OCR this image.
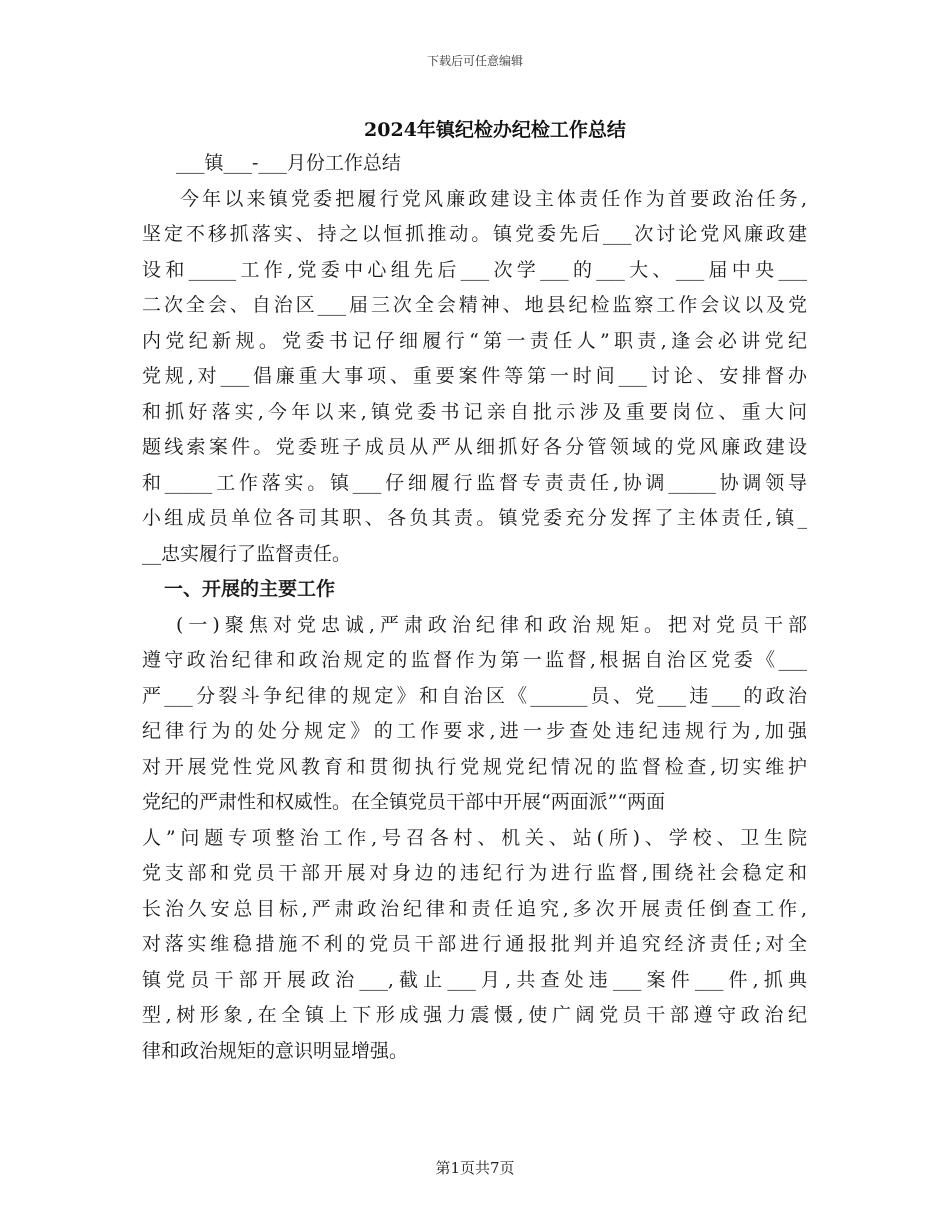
下载后可任意编辑
2024年镇纪检办纪检工作总结
___镇___-___月份工作总结
今年以来镇党委把履行党风廉政建设主体责任作为首要政治任务,
坚定不移抓落实、持之以恒抓推动。镇党委先后___次讨论党风廉政建
设和_____工作,党委中心组先后___次学___的___大、___届中央___
二次全会、自治区___届三次全会精神、地县纪检监察工作会议以及党
内党纪新规。党委书记仔细履行“第一责任人”职责,逢会必讲党纪
党规,对___倡廉重大事项、重要案件等第一时间___讨论、安排督办
和抓好落实,今年以来,镇党委书记亲自批示涉及重要岗位、重大问
题线索案件。党委班子成员从严从细抓好各分管领域的党风廉政建设
和_____工作落实。镇___仔细履行监督专责责任,协调_____协调领导
小组成员单位各司其职、各负其责。镇党委充分发挥了主体责任,镇_
__忠实履行了监督责任。
一、开展的主要工作
(一)聚焦对党忠诚,严肃政治纪律和政治规矩。把对党员干部
遵守政治纪律和政治规定的监督作为第一监督,根据自治区党委《___
严___分裂斗争纪律的规定》和自治区《______员、党___违___的政治
纪律行为的处分规定》的工作要求,进一步查处违纪违规行为,加强
对开展党性党风教育和贯彻执行党规党纪情况的监督检查,切实维护
党纪的严肃性和权威性。在全镇党员干部中开展“两面派”“两面
人”问题专项整治工作,号召各村、机关、站(所)、学校、卫生院
党支部和党员干部开展对身边的违纪行为进行监督,围绕社会稳定和
长治久安总目标,严肃政治纪律和责任追究,多次开展责任倒查工作,
对落实维稳措施不利的党员干部进行通报批判并追究经济责任;对全
镇党员干部开展政治___,截止___月,共查处违___案件___件,抓典
型,树形象,在全镇上下形成强力震慑,使广阔党员干部遵守政治纪
律和政治规矩的意识明显增强。
第1页共7页
